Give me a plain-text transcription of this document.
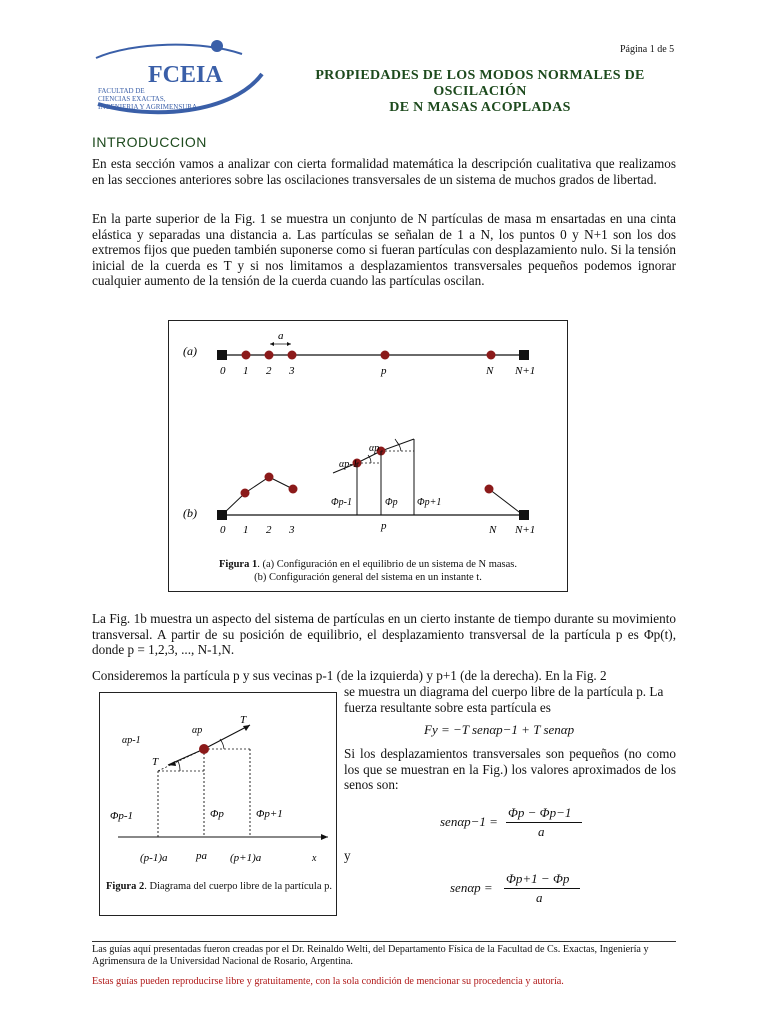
Página 1 de 5
FCEIA
FACULTAD DE
CIENCIAS EXACTAS,
INGENIERIA Y AGRIMENSURA
PROPIEDADES DE LOS MODOS NORMALES DE
OSCILACIÓN
DE N MASAS ACOPLADAS
INTRODUCCION
En esta sección vamos a analizar con cierta formalidad matemática la descripción cualitativa que realizamos en las secciones anteriores sobre las oscilaciones transversales de un sistema de muchos grados de libertad.
En la parte superior de la Fig. 1 se muestra un conjunto de N partículas de masa m ensartadas en una cinta elástica y separadas una distancia a. Las partículas se señalan de 1 a N, los puntos 0 y N+1 son los dos extremos fijos que pueden también suponerse como si fueran partículas con desplazamiento nulo. Si la tensión inicial de la cuerda es T y si nos limitamos a desplazamientos transversales pequeños podemos ignorar cualquier aumento de la tensión de la cuerda cuando las partículas oscilan.
(a)
a
0 1 2 3	p	N N+1
(b)
αp-1
αp
Φp-1	Φp Φp+1
0 1 2 3	p	N N+1
Figura 1. (a) Configuración en el equilibrio de un sistema de N masas.
(b) Configuración general del sistema en un instante t.
La Fig. 1b muestra un aspecto del sistema de partículas en un cierto instante de tiempo durante su movimiento transversal. A partir de su posición de equilibrio, el desplazamiento transversal de la partícula p es Φp(t), donde p = 1,2,3, ..., N-1,N.
Consideremos la partícula p y sus vecinas p-1 (de la izquierda) y p+1 (de la derecha). En la Fig. 2
se muestra un diagrama del cuerpo libre de la partícula p. La fuerza resultante sobre esta partícula es
αp-1
αp
T
T
Φp-1	Φp	Φp+1
(p-1)a	pa (p+1)a	x
Figura 2. Diagrama del cuerpo libre de la partícula p.
Fy = −T senαp−1 + T senαp
Si los desplazamientos transversales son pequeños (no como los que se muestran en la Fig.) los valores aproximados de los senos son:
senαp−1 =
Φp − Φp−1
a
y
senαp =
Φp+1 − Φp
a
Las guías aquí presentadas fueron creadas por el Dr. Reinaldo Welti, del Departamento Física de la Facultad de Cs. Exactas, Ingeniería y Agrimensura de la Universidad Nacional de Rosario, Argentina.
Estas guías pueden reproducirse libre y gratuitamente, con la sola condición de mencionar su procedencia y autoría.
